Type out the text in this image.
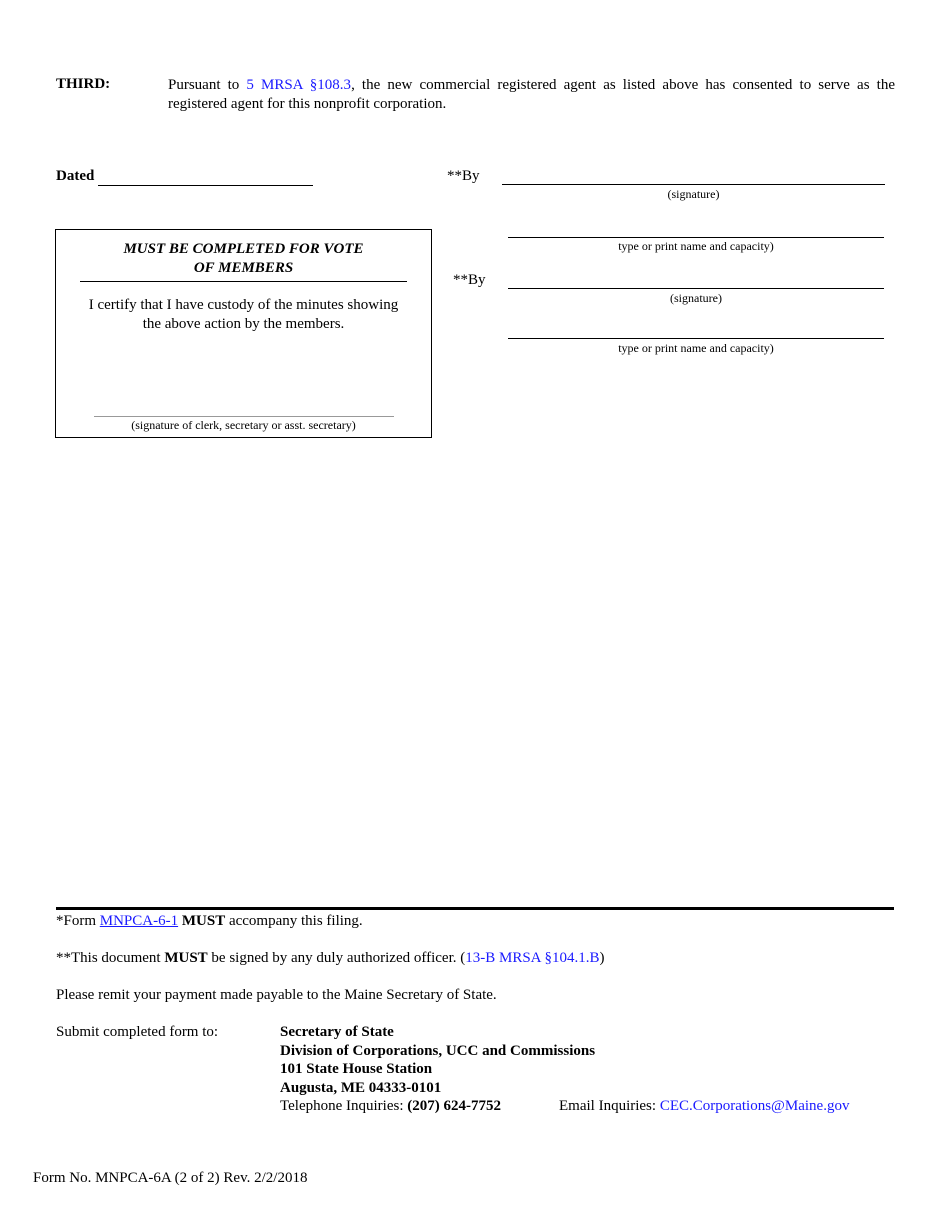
THIRD:	Pursuant to 5 MRSA §108.3, the new commercial registered agent as listed above has consented to serve as the registered agent for this nonprofit corporation.
Dated	**By
(signature)
type or print name and capacity)
**By
(signature)
type or print name and capacity)
MUST BE COMPLETED FOR VOTE
OF MEMBERS
I certify that I have custody of the minutes showing the above action by the members.
(signature of clerk, secretary or asst. secretary)
*Form MNPCA-6-1 MUST accompany this filing.
**This document MUST be signed by any duly authorized officer. (13-B MRSA §104.1.B)
Please remit your payment made payable to the Maine Secretary of State.
Submit completed form to:	Secretary of State
Division of Corporations, UCC and Commissions
101 State House Station
Augusta, ME 04333-0101
Telephone Inquiries: (207) 624-7752	Email Inquiries: CEC.Corporations@Maine.gov
Form No. MNPCA-6A (2 of 2) Rev. 2/2/2018
